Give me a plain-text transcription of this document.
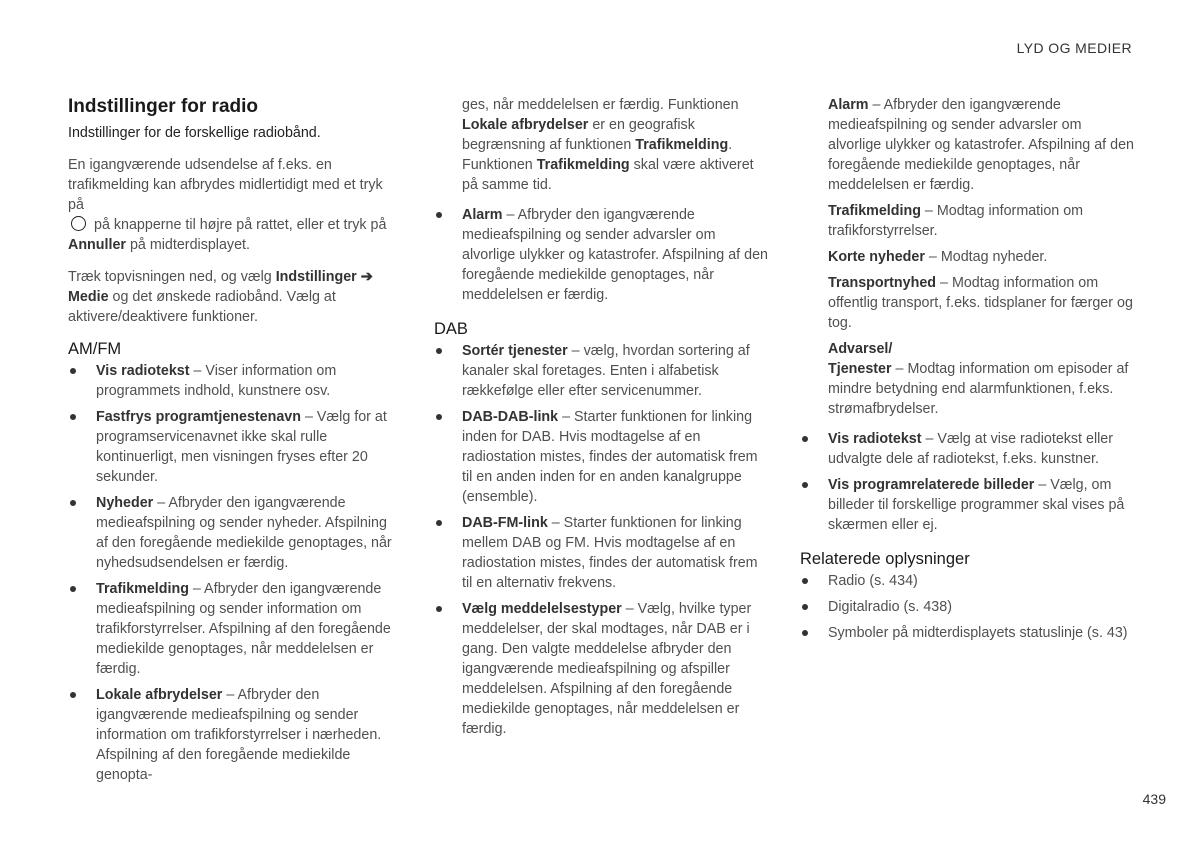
LYD OG MEDIER
Indstillinger for radio

Indstillinger for de forskellige radiobånd.

En igangværende udsendelse af f.eks. en trafikmelding kan afbrydes midlertidigt med et tryk på
på knapperne til højre på rattet, eller et tryk på Annuller på midterdisplayet.

Træk topvisningen ned, og vælg Indstillinger ➔ Medie og det ønskede radiobånd. Vælg at aktivere/deaktivere funktioner.

AM/FM
Vis radiotekst – Viser information om programmets indhold, kunstnere osv.
Fastfrys programtjenestenavn – Vælg for at programservicenavnet ikke skal rulle kontinuerligt, men visningen fryses efter 20 sekunder.
Nyheder – Afbryder den igangværende medieafspilning og sender nyheder. Afspilning af den foregående mediekilde genoptages, når nyhedsudsendelsen er færdig.
Trafikmelding – Afbryder den igangværende medieafspilning og sender information om trafikforstyrrelser. Afspilning af den foregående mediekilde genoptages, når meddelelsen er færdig.
Lokale afbrydelser – Afbryder den igangværende medieafspilning og sender information om trafikforstyrrelser i nærheden. Afspilning af den foregående mediekilde genopta-

ges, når meddelelsen er færdig. Funktionen Lokale afbrydelser er en geografisk begrænsning af funktionen Trafikmelding. Funktionen Trafikmelding skal være aktiveret på samme tid.

Alarm – Afbryder den igangværende medieafspilning og sender advarsler om alvorlige ulykker og katastrofer. Afspilning af den foregående mediekilde genoptages, når meddelelsen er færdig.
DAB
Sortér tjenester – vælg, hvordan sortering af kanaler skal foretages. Enten i alfabetisk rækkefølge eller efter servicenummer.
DAB-DAB-link – Starter funktionen for linking inden for DAB. Hvis modtagelse af en radiostation mistes, findes der automatisk frem til en anden inden for en anden kanalgruppe (ensemble).
DAB-FM-link – Starter funktionen for linking mellem DAB og FM. Hvis modtagelse af en radiostation mistes, findes der automatisk frem til en alternativ frekvens.
Vælg meddelelsestyper – Vælg, hvilke typer meddelelser, der skal modtages, når DAB er i gang. Den valgte meddelelse afbryder den igangværende medieafspilning og afspiller meddelelsen. Afspilning af den foregående mediekilde genoptages, når meddelelsen er færdig.

Alarm – Afbryder den igangværende medieafspilning og sender advarsler om alvorlige ulykker og katastrofer. Afspilning af den foregående mediekilde genoptages, når meddelelsen er færdig.

Trafikmelding – Modtag information om trafikforstyrrelser.

Korte nyheder – Modtag nyheder.

Transportnyhed – Modtag information om offentlig transport, f.eks. tidsplaner for færger og tog.

Advarsel/
Tjenester – Modtag information om episoder af mindre betydning end alarmfunktionen, f.eks. strømafbrydelser.

Vis radiotekst – Vælg at vise radiotekst eller udvalgte dele af radiotekst, f.eks. kunstner.
Vis programrelaterede billeder – Vælg, om billeder til forskellige programmer skal vises på skærmen eller ej.
Relaterede oplysninger
Radio (s. 434)
Digitalradio (s. 438)
Symboler på midterdisplayets statuslinje (s. 43)
439
